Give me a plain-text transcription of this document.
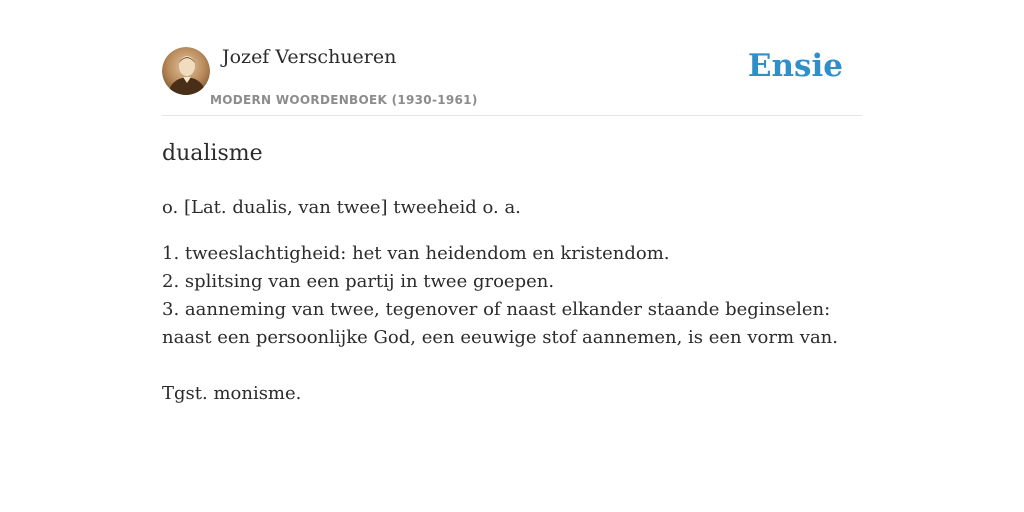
Jozef Verschueren
MODERN WOORDENBOEK (1930-1961)
Ensie
dualisme

o. [Lat. dualis, van twee] tweeheid o. a.

1. tweeslachtigheid: het van heidendom en kristendom.

2. splitsing van een partij in twee groepen.

3. aanneming van twee, tegenover of naast elkander staande beginselen: naast een persoonlijke God, een eeuwige stof aannemen, is een vorm van.

Tgst. monisme.
